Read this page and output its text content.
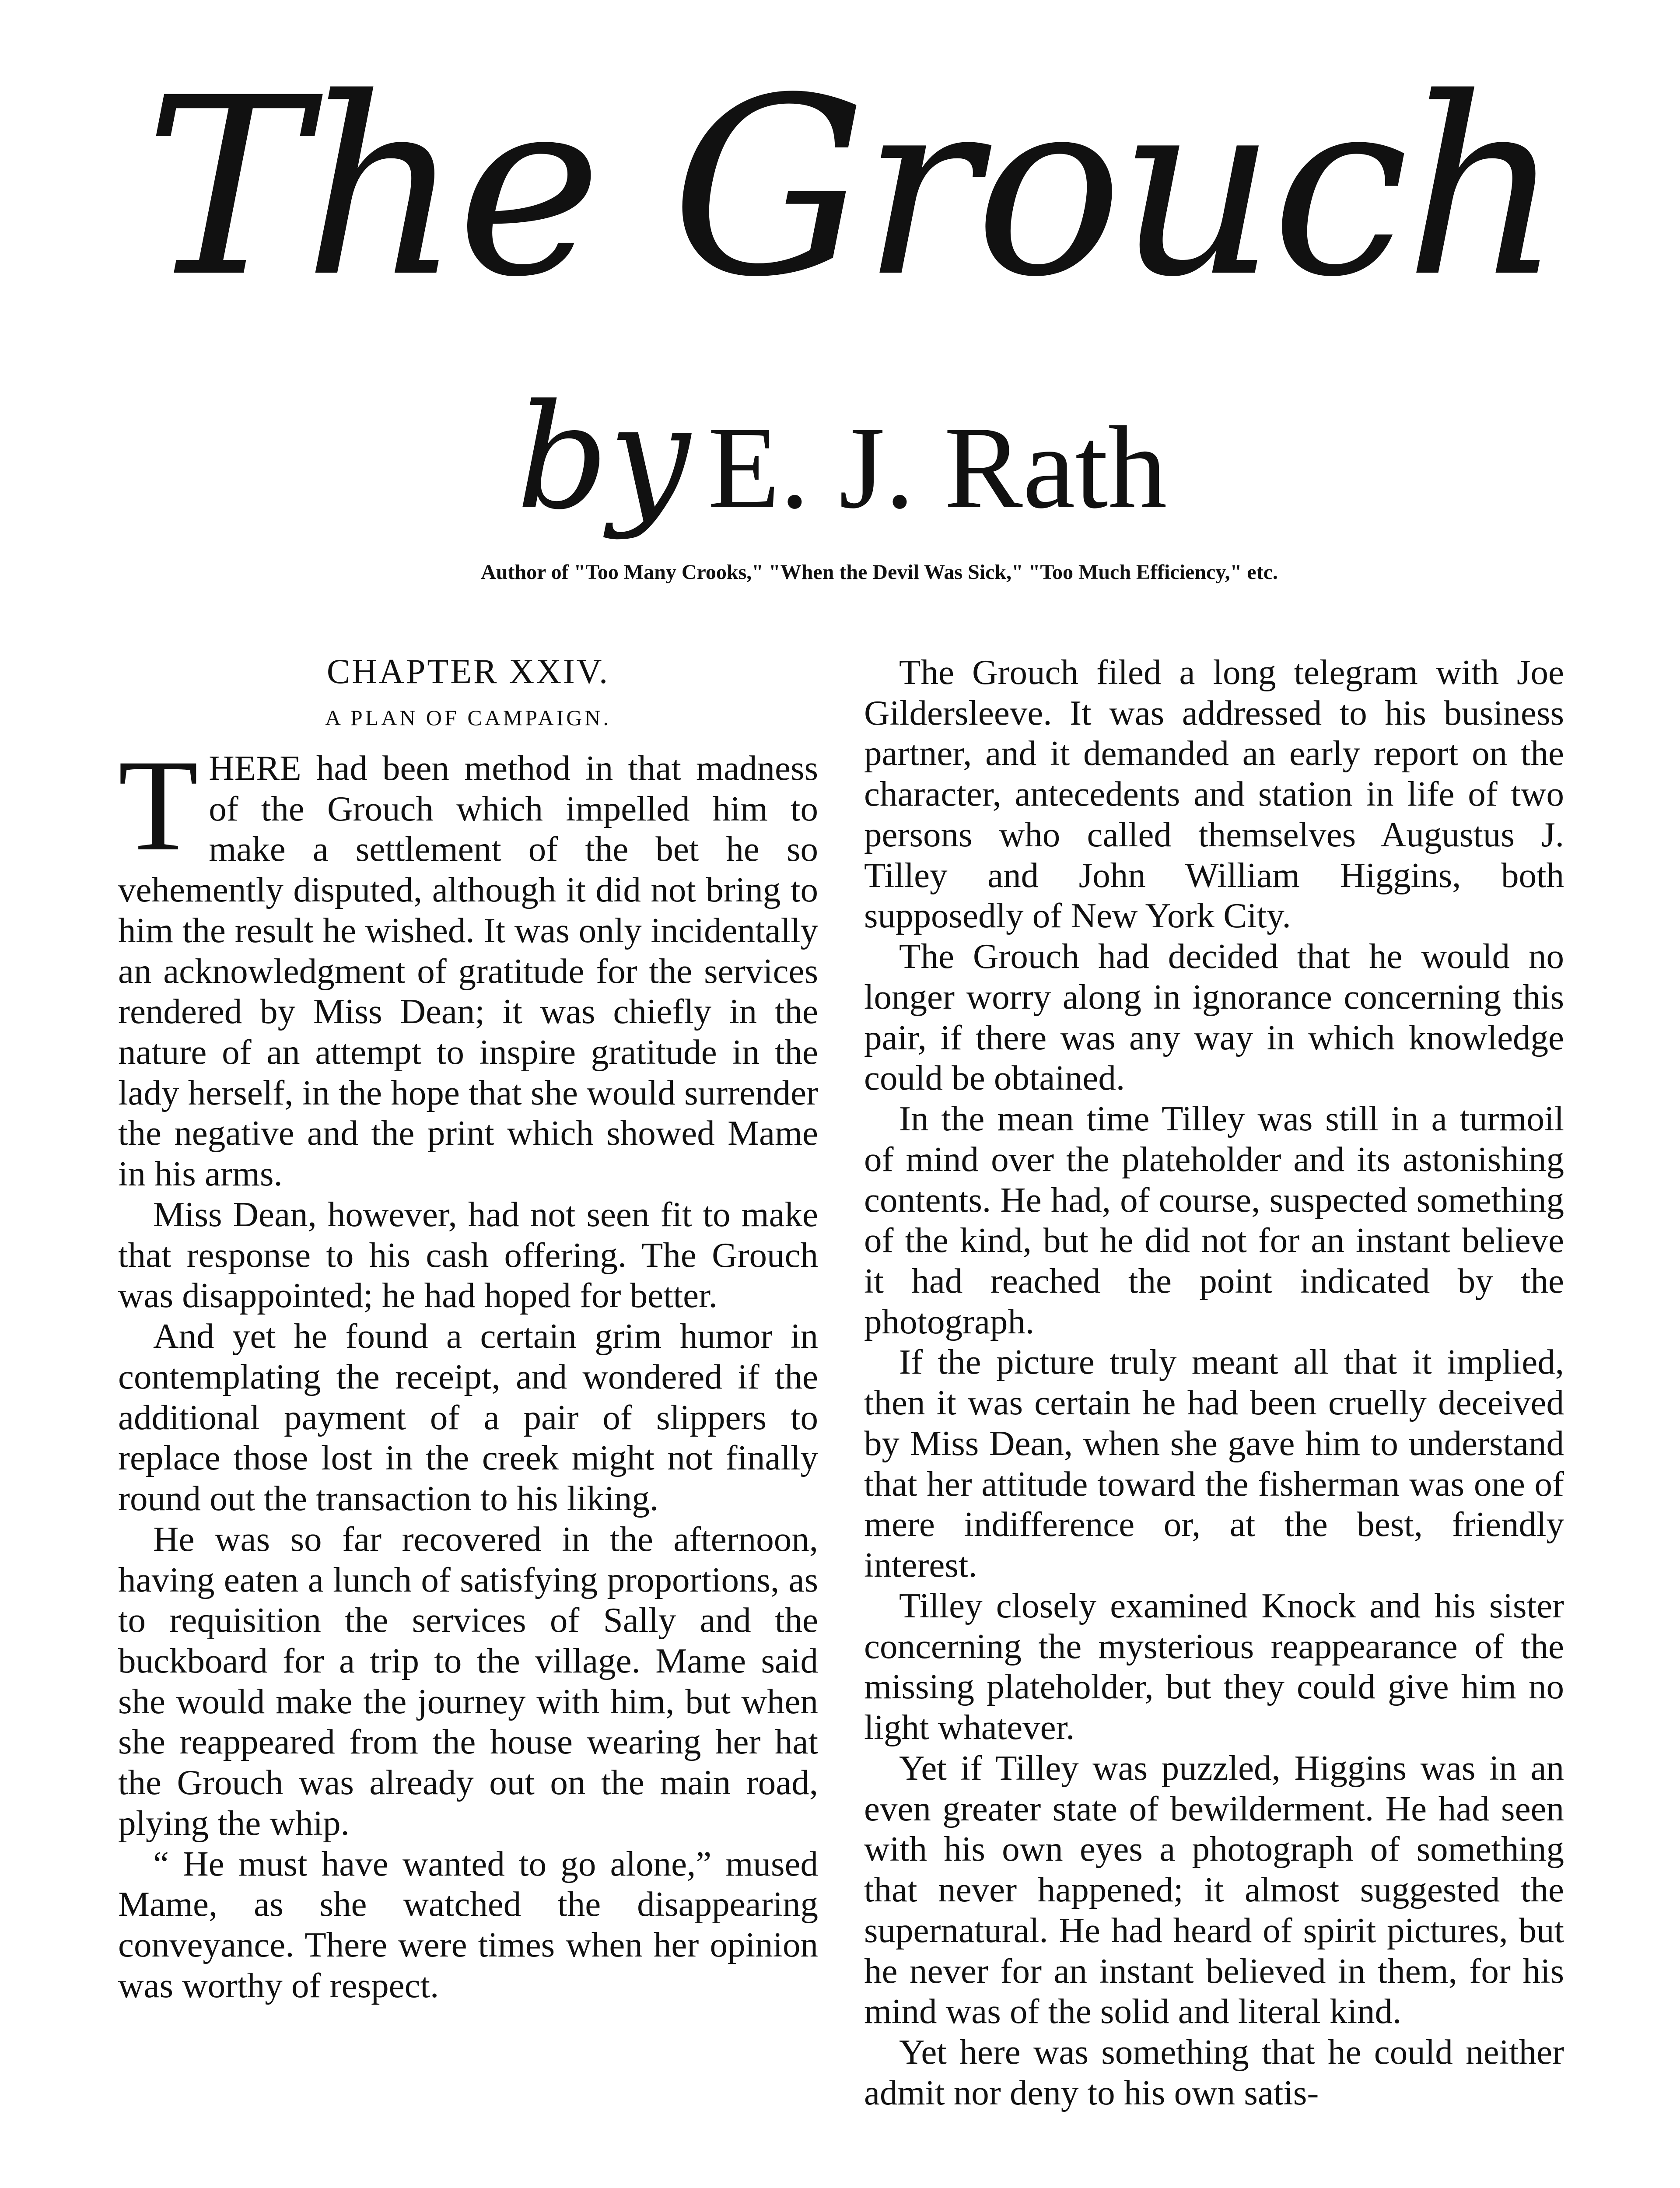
The Grouch
by E. J. Rath
Author of "Too Many Crooks," "When the Devil Was Sick," "Too Much Efficiency," etc.
CHAPTER XXIV.
A PLAN OF CAMPAIGN.

THERE had been method in that madness of the Grouch which impelled him to make a settlement of the bet he so vehemently disputed, although it did not bring to him the result he wished. It was only incidentally an acknowledgment of gratitude for the services rendered by Miss Dean; it was chiefly in the nature of an attempt to inspire gratitude in the lady herself, in the hope that she would surrender the negative and the print which showed Mame in his arms.

Miss Dean, however, had not seen fit to make that response to his cash offering. The Grouch was disappointed; he had hoped for better.

And yet he found a certain grim humor in contemplating the receipt, and wondered if the additional payment of a pair of slippers to replace those lost in the creek might not finally round out the transaction to his liking.

He was so far recovered in the afternoon, having eaten a lunch of satisfying proportions, as to requisition the services of Sally and the buckboard for a trip to the village. Mame said she would make the journey with him, but when she reappeared from the house wearing her hat the Grouch was already out on the main road, plying the whip.

“ He must have wanted to go alone,” mused Mame, as she watched the disappearing conveyance. There were times when her opinion was worthy of respect.

The Grouch filed a long telegram with Joe Gildersleeve. It was addressed to his business partner, and it demanded an early report on the character, antecedents and station in life of two persons who called themselves Augustus J. Tilley and John William Higgins, both supposedly of New York City.

The Grouch had decided that he would no longer worry along in ignorance concerning this pair, if there was any way in which knowledge could be obtained.

In the mean time Tilley was still in a turmoil of mind over the plateholder and its astonishing contents. He had, of course, suspected something of the kind, but he did not for an instant believe it had reached the point indicated by the photograph.

If the picture truly meant all that it implied, then it was certain he had been cruelly deceived by Miss Dean, when she gave him to understand that her attitude toward the fisherman was one of mere indifference or, at the best, friendly interest.

Tilley closely examined Knock and his sister concerning the mysterious reappearance of the missing plateholder, but they could give him no light whatever.

Yet if Tilley was puzzled, Higgins was in an even greater state of bewilderment. He had seen with his own eyes a photograph of something that never happened; it almost suggested the supernatural. He had heard of spirit pictures, but he never for an instant believed in them, for his mind was of the solid and literal kind.

Yet here was something that he could neither admit nor deny to his own satis-
